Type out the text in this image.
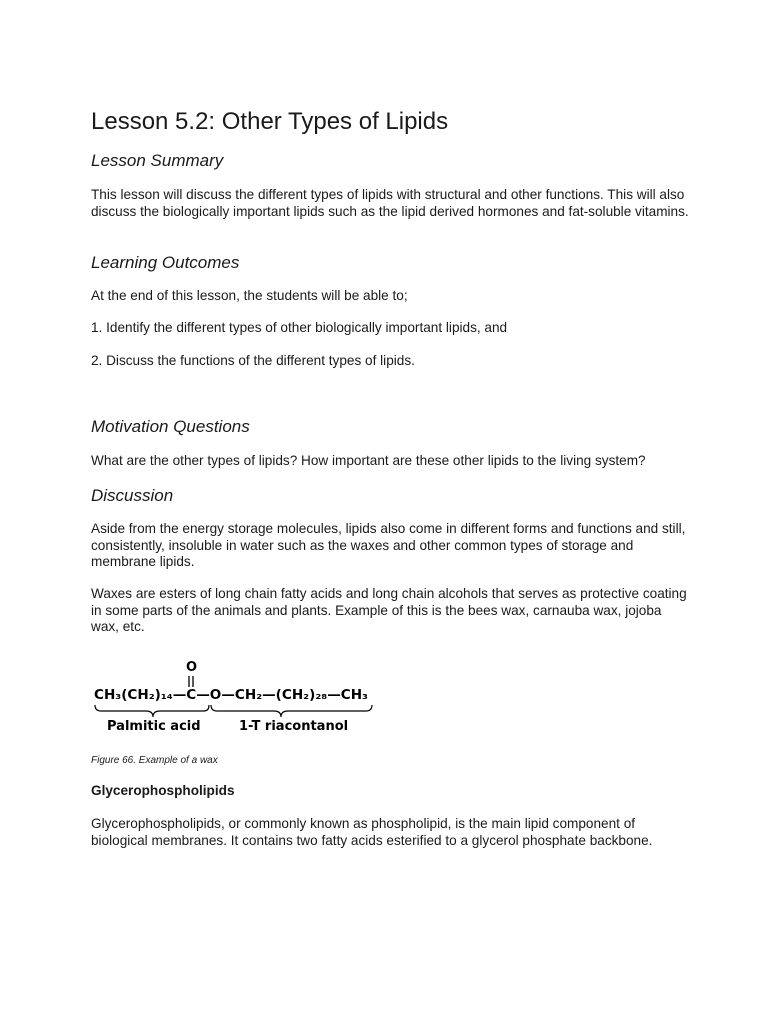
Lesson 5.2: Other Types of Lipids
Lesson Summary

This lesson will discuss the different types of lipids with structural and other functions. This will also discuss the biologically important lipids such as the lipid derived hormones and fat-soluble vitamins.

Learning Outcomes

At the end of this lesson, the students will be able to;

1. Identify the different types of other biologically important lipids, and

2. Discuss the functions of the different types of lipids.

Motivation Questions

What are the other types of lipids? How important are these other lipids to the living system?

Discussion

Aside from the energy storage molecules, lipids also come in different forms and functions and still, consistently, insoluble in water such as the waxes and other common types of storage and membrane lipids.

Waxes are esters of long chain fatty acids and long chain alcohols that serves as protective coating in some parts of the animals and plants. Example of this is the bees wax, carnauba wax, jojoba wax, etc.

O
CH₃(CH₂)₁₄—C—O—CH₂—(CH₂)₂₈—CH₃
Palmitic acid	1-T riacontanol

Figure 66. Example of a wax

Glycerophospholipids

Glycerophospholipids, or commonly known as phospholipid, is the main lipid component of biological membranes. It contains two fatty acids esterified to a glycerol phosphate backbone.
